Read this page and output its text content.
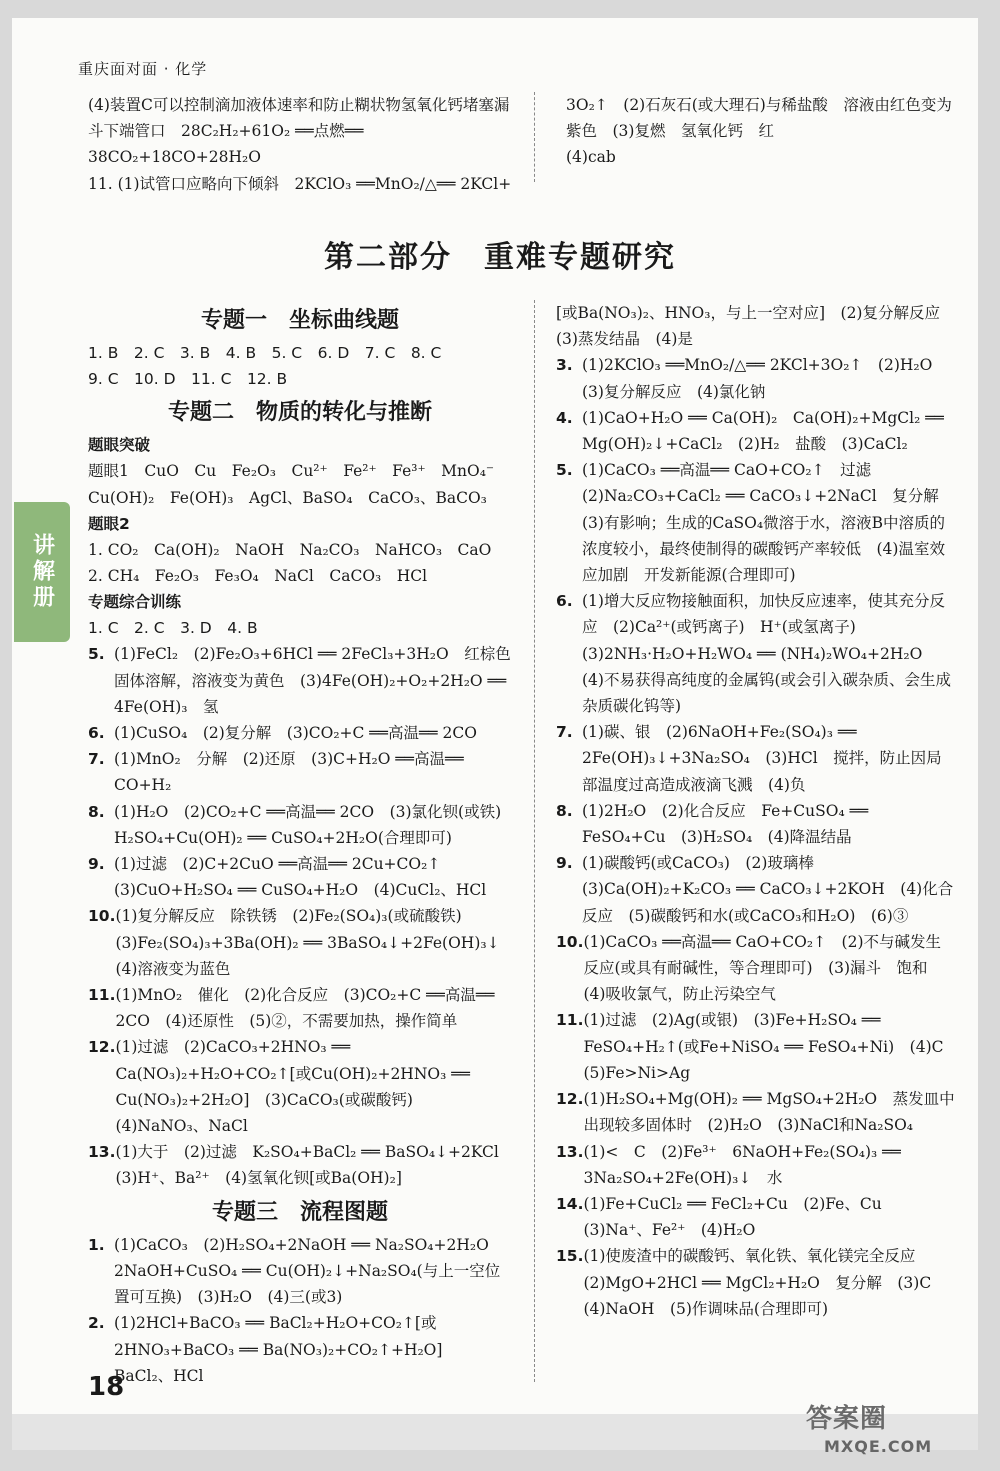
重庆面对面 · 化学

(4)装置C可以控制滴加液体速率和防止糊状物氢氧化钙堵塞漏斗下端管口　28C₂H₂+61O₂ ══点燃══ 38CO₂+18CO+28H₂O

11. (1)试管口应略向下倾斜　2KClO₃ ══MnO₂/△══ 2KCl+

3O₂↑　(2)石灰石(或大理石)与稀盐酸　溶液由红色变为紫色　(3)复燃　氢氧化钙　红

(4)cab

第二部分　重难专题研究
专题一　坐标曲线题
1. B　2. C　3. B　4. B　5. C　6. D　7. C　8. C
9. C　10. D　11. C　12. B
专题二　物质的转化与推断
题眼突破
题眼1　CuO　Cu　Fe₂O₃　Cu²⁺　Fe²⁺　Fe³⁺　MnO₄⁻　Cu(OH)₂　Fe(OH)₃　AgCl、BaSO₄　CaCO₃、BaCO₃
题眼2
1. CO₂　Ca(OH)₂　NaOH　Na₂CO₃　NaHCO₃　CaO
2. CH₄　Fe₂O₃　Fe₃O₄　NaCl　CaCO₃　HCl
专题综合训练
1. C　2. C　3. D　4. B
5. (1)FeCl₂　(2)Fe₂O₃+6HCl ══ 2FeCl₃+3H₂O　红棕色固体溶解，溶液变为黄色　(3)4Fe(OH)₂+O₂+2H₂O ══ 4Fe(OH)₃　氢
6. (1)CuSO₄　(2)复分解　(3)CO₂+C ══高温══ 2CO
7. (1)MnO₂　分解　(2)还原　(3)C+H₂O ══高温══ CO+H₂
8. (1)H₂O　(2)CO₂+C ══高温══ 2CO　(3)氯化钡(或铁)　H₂SO₄+Cu(OH)₂ ══ CuSO₄+2H₂O(合理即可)
9. (1)过滤　(2)C+2CuO ══高温══ 2Cu+CO₂↑　(3)CuO+H₂SO₄ ══ CuSO₄+H₂O　(4)CuCl₂、HCl
10. (1)复分解反应　除铁锈　(2)Fe₂(SO₄)₃(或硫酸铁)　(3)Fe₂(SO₄)₃+3Ba(OH)₂ ══ 3BaSO₄↓+2Fe(OH)₃↓　(4)溶液变为蓝色
11. (1)MnO₂　催化　(2)化合反应　(3)CO₂+C ══高温══ 2CO　(4)还原性　(5)②，不需要加热，操作简单
12. (1)过滤　(2)CaCO₃+2HNO₃ ══ Ca(NO₃)₂+H₂O+CO₂↑[或Cu(OH)₂+2HNO₃ ══ Cu(NO₃)₂+2H₂O]　(3)CaCO₃(或碳酸钙)　(4)NaNO₃、NaCl
13. (1)大于　(2)过滤　K₂SO₄+BaCl₂ ══ BaSO₄↓+2KCl　(3)H⁺、Ba²⁺　(4)氢氧化钡[或Ba(OH)₂]
专题三　流程图题
1. (1)CaCO₃　(2)H₂SO₄+2NaOH ══ Na₂SO₄+2H₂O　2NaOH+CuSO₄ ══ Cu(OH)₂↓+Na₂SO₄(与上一空位置可互换)　(3)H₂O　(4)三(或3)
2. (1)2HCl+BaCO₃ ══ BaCl₂+H₂O+CO₂↑[或2HNO₃+BaCO₃ ══ Ba(NO₃)₂+CO₂↑+H₂O]　BaCl₂、HCl
[或Ba(NO₃)₂、HNO₃，与上一空对应]　(2)复分解反应　(3)蒸发结晶　(4)是
3. (1)2KClO₃ ══MnO₂/△══ 2KCl+3O₂↑　(2)H₂O　(3)复分解反应　(4)氯化钠
4. (1)CaO+H₂O ══ Ca(OH)₂　Ca(OH)₂+MgCl₂ ══ Mg(OH)₂↓+CaCl₂　(2)H₂　盐酸　(3)CaCl₂
5. (1)CaCO₃ ══高温══ CaO+CO₂↑　过滤　(2)Na₂CO₃+CaCl₂ ══ CaCO₃↓+2NaCl　复分解　(3)有影响；生成的CaSO₄微溶于水，溶液B中溶质的浓度较小，最终使制得的碳酸钙产率较低　(4)温室效应加剧　开发新能源(合理即可)
6. (1)增大反应物接触面积，加快反应速率，使其充分反应　(2)Ca²⁺(或钙离子)　H⁺(或氢离子)　(3)2NH₃·H₂O+H₂WO₄ ══ (NH₄)₂WO₄+2H₂O　(4)不易获得高纯度的金属钨(或会引入碳杂质、会生成杂质碳化钨等)
7. (1)碳、银　(2)6NaOH+Fe₂(SO₄)₃ ══ 2Fe(OH)₃↓+3Na₂SO₄　(3)HCl　搅拌，防止因局部温度过高造成液滴飞溅　(4)负
8. (1)2H₂O　(2)化合反应　Fe+CuSO₄ ══ FeSO₄+Cu　(3)H₂SO₄　(4)降温结晶
9. (1)碳酸钙(或CaCO₃)　(2)玻璃棒　(3)Ca(OH)₂+K₂CO₃ ══ CaCO₃↓+2KOH　(4)化合反应　(5)碳酸钙和水(或CaCO₃和H₂O)　(6)③
10. (1)CaCO₃ ══高温══ CaO+CO₂↑　(2)不与碱发生反应(或具有耐碱性，等合理即可)　(3)漏斗　饱和　(4)吸收氯气，防止污染空气
11. (1)过滤　(2)Ag(或银)　(3)Fe+H₂SO₄ ══ FeSO₄+H₂↑(或Fe+NiSO₄ ══ FeSO₄+Ni)　(4)C　(5)Fe>Ni>Ag
12. (1)H₂SO₄+Mg(OH)₂ ══ MgSO₄+2H₂O　蒸发皿中出现较多固体时　(2)H₂O　(3)NaCl和Na₂SO₄
13. (1)<　C　(2)Fe³⁺　6NaOH+Fe₂(SO₄)₃ ══ 3Na₂SO₄+2Fe(OH)₃↓　水
14. (1)Fe+CuCl₂ ══ FeCl₂+Cu　(2)Fe、Cu　(3)Na⁺、Fe²⁺　(4)H₂O
15. (1)使废渣中的碳酸钙、氧化铁、氧化镁完全反应　(2)MgO+2HCl ══ MgCl₂+H₂O　复分解　(3)C　(4)NaOH　(5)作调味品(合理即可)
讲解册
18
答案圈
MXQE.COM
